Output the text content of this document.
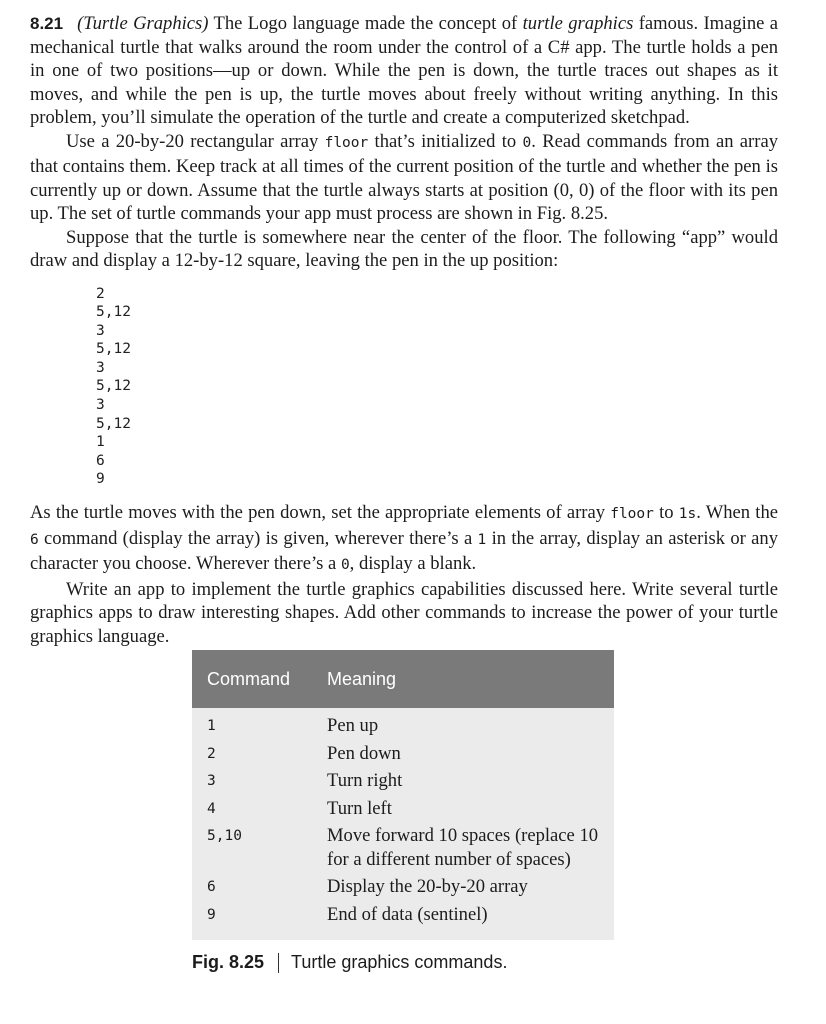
8.21 (Turtle Graphics) The Logo language made the concept of turtle graphics famous. Imagine a mechanical turtle that walks around the room under the control of a C# app. The turtle holds a pen in one of two positions—up or down. While the pen is down, the turtle traces out shapes as it moves, and while the pen is up, the turtle moves about freely without writing anything. In this problem, you’ll simulate the operation of the turtle and create a computerized sketchpad.

Use a 20-by-20 rectangular array floor that’s initialized to 0. Read commands from an array that contains them. Keep track at all times of the current position of the turtle and whether the pen is currently up or down. Assume that the turtle always starts at position (0, 0) of the floor with its pen up. The set of turtle commands your app must process are shown in Fig. 8.25.

Suppose that the turtle is somewhere near the center of the floor. The following “app” would draw and display a 12-by-12 square, leaving the pen in the up position:

2
5,12
3
5,12
3
5,12
3
5,12
1
6
9

As the turtle moves with the pen down, set the appropriate elements of array floor to 1s. When the 6 command (display the array) is given, wherever there’s a 1 in the array, display an asterisk or any character you choose. Wherever there’s a 0, display a blank.

Write an app to implement the turtle graphics capabilities discussed here. Write several turtle graphics apps to draw interesting shapes. Add other commands to increase the power of your turtle graphics language.

Command	Meaning
1	Pen up
2	Pen down
3	Turn right
4	Turn left
5,10	Move forward 10 spaces (replace 10 for a different number of spaces)
6	Display the 20-by-20 array
9	End of data (sentinel)
Fig. 8.25 Turtle graphics commands.
